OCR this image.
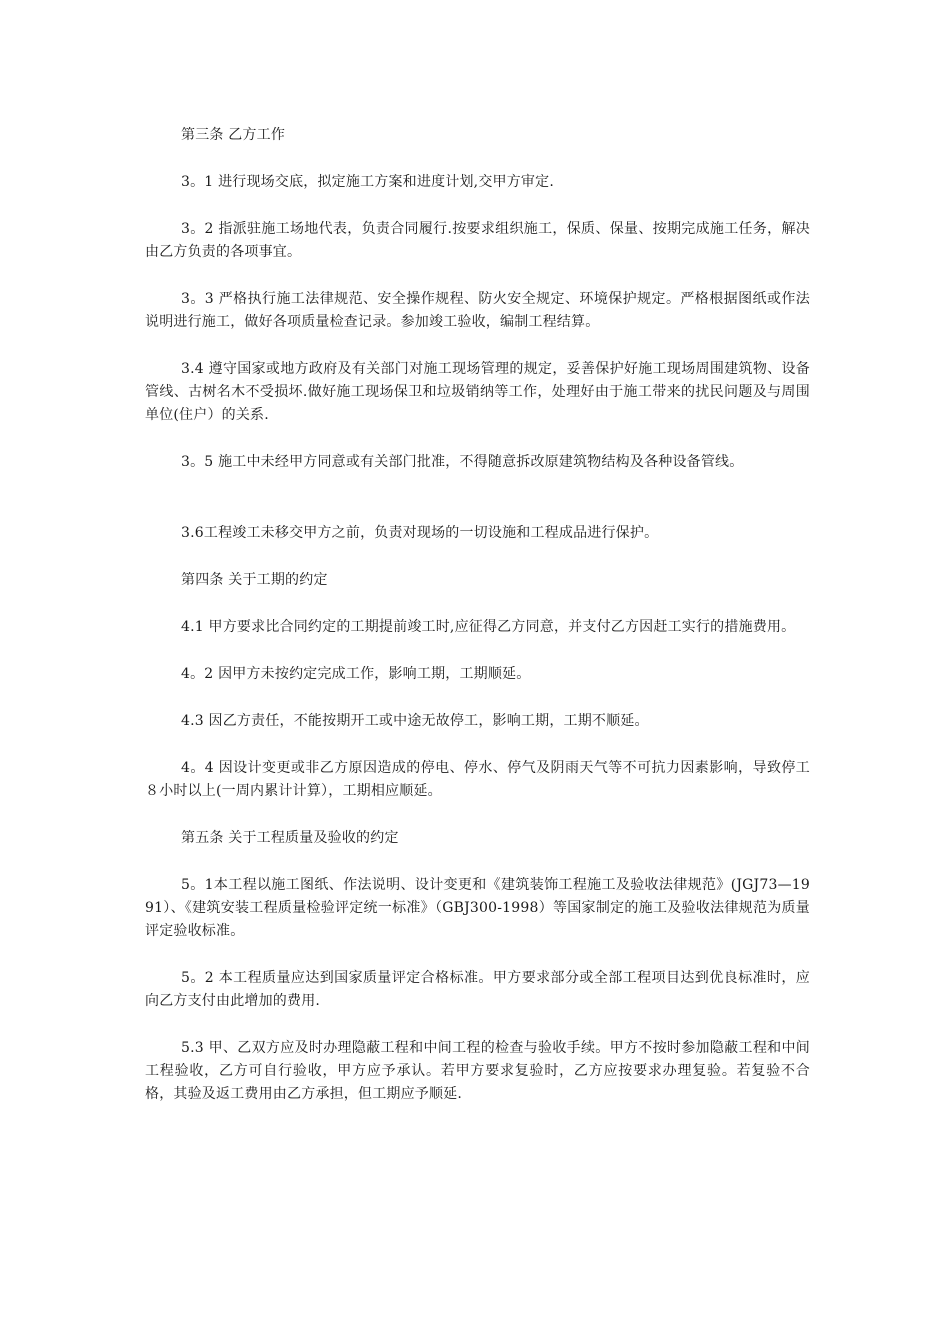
第三条 乙方工作

3。1 进行现场交底，拟定施工方案和进度计划,交甲方审定.

3。2 指派驻施工场地代表，负责合同履行.按要求组织施工，保质、保量、按期完成施工任务，解决由乙方负责的各项事宜。

3。3 严格执行施工法律规范、安全操作规程、防火安全规定、环境保护规定。严格根据图纸或作法说明进行施工，做好各项质量检查记录。参加竣工验收，编制工程结算。

3.4 遵守国家或地方政府及有关部门对施工现场管理的规定，妥善保护好施工现场周围建筑物、设备管线、古树名木不受损坏.做好施工现场保卫和垃圾销纳等工作，处理好由于施工带来的扰民问题及与周围单位(住户）的关系.

3。5 施工中未经甲方同意或有关部门批准，不得随意拆改原建筑物结构及各种设备管线。

3.6工程竣工未移交甲方之前，负责对现场的一切设施和工程成品进行保护。

第四条 关于工期的约定

4.1 甲方要求比合同约定的工期提前竣工时,应征得乙方同意，并支付乙方因赶工实行的措施费用。

4。2 因甲方未按约定完成工作，影响工期，工期顺延。

4.3 因乙方责任，不能按期开工或中途无故停工，影响工期，工期不顺延。

4。4 因设计变更或非乙方原因造成的停电、停水、停气及阴雨天气等不可抗力因素影响，导致停工８小时以上(一周内累计计算），工期相应顺延。

第五条 关于工程质量及验收的约定

5。1本工程以施工图纸、作法说明、设计变更和《建筑装饰工程施工及验收法律规范》(JGJ73—1991）、《建筑安装工程质量检验评定统一标准》（GBJ300-1998）等国家制定的施工及验收法律规范为质量评定验收标准。

5。2 本工程质量应达到国家质量评定合格标准。甲方要求部分或全部工程项目达到优良标准时，应向乙方支付由此增加的费用.

5.3 甲、乙双方应及时办理隐蔽工程和中间工程的检查与验收手续。甲方不按时参加隐蔽工程和中间工程验收，乙方可自行验收，甲方应予承认。若甲方要求复验时，乙方应按要求办理复验。若复验不合格，其验及返工费用由乙方承担，但工期应予顺延.
